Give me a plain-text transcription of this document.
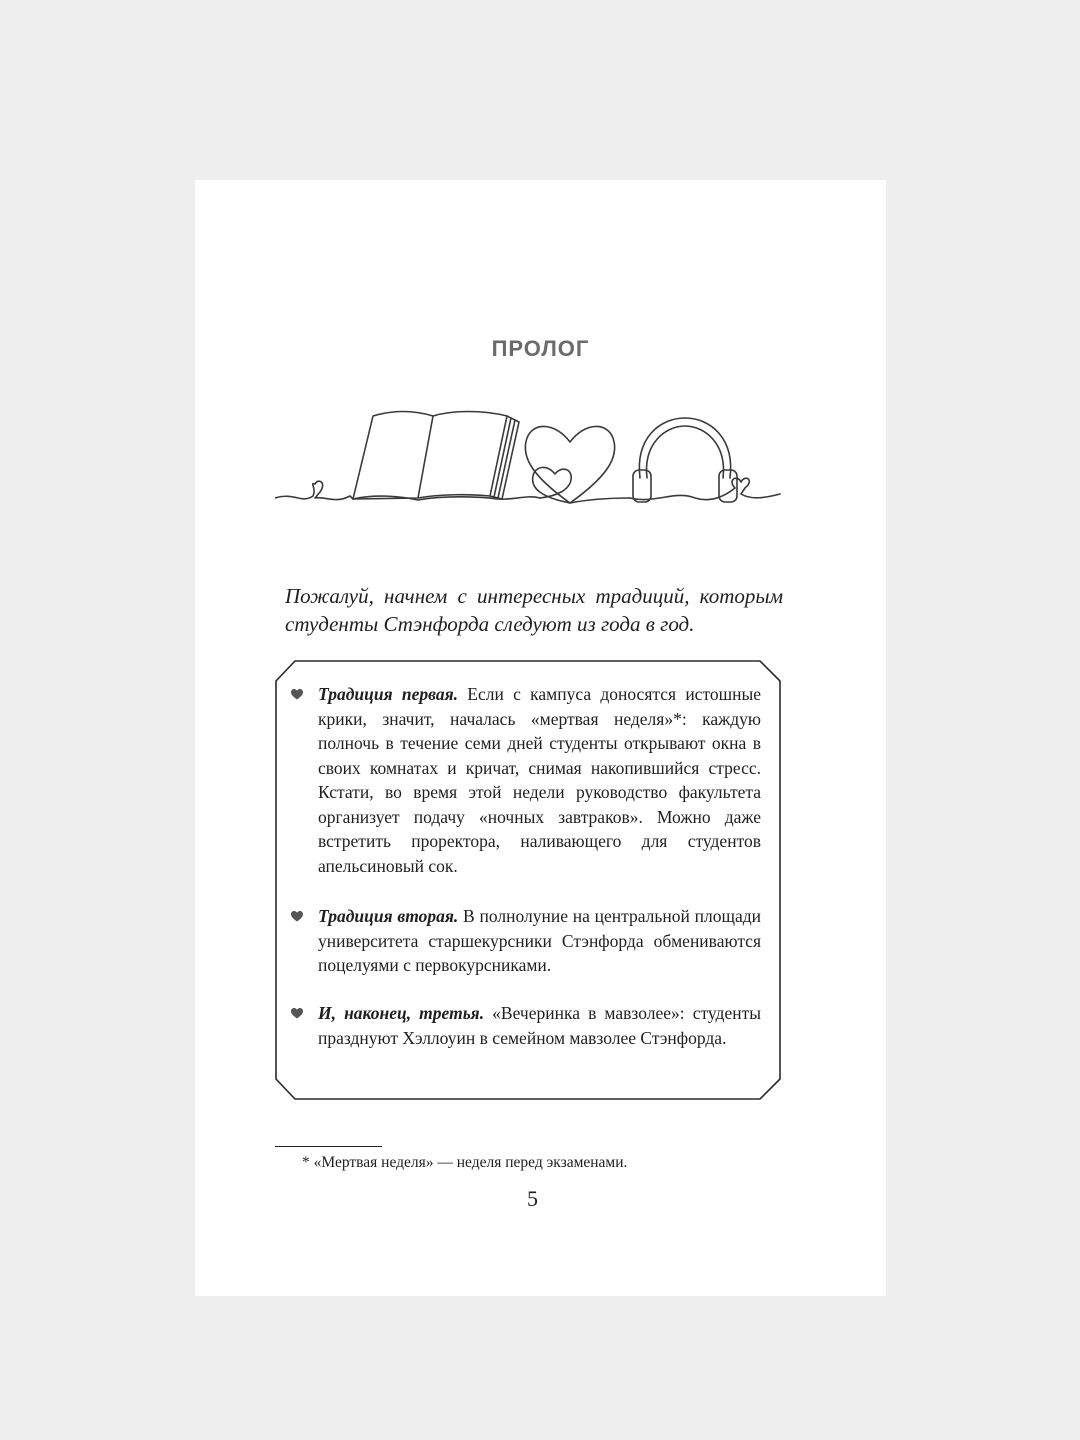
ПРОЛОГ

Пожалуй, начнем с интересных традиций, которым студенты Стэнфорда следуют из года в год.

Традиция первая. Если с кампуса доносятся истошные крики, значит, началась «мертвая неделя»*: каждую полночь в течение семи дней студенты открывают окна в своих комнатах и кричат, снимая накопившийся стресс. Кстати, во время этой недели руководство факультета организует подачу «ночных завтраков». Можно даже встретить проректора, наливающего для студентов апельсиновый сок.

Традиция вторая. В полнолуние на центральной площади университета старшекурсники Стэнфорда обмениваются поцелуями с первокурсниками.

И, наконец, третья. «Вечеринка в мавзолее»: студенты празднуют Хэллоуин в семейном мавзолее Стэнфорда.

* «Мертвая неделя» — неделя перед экзаменами.

5
